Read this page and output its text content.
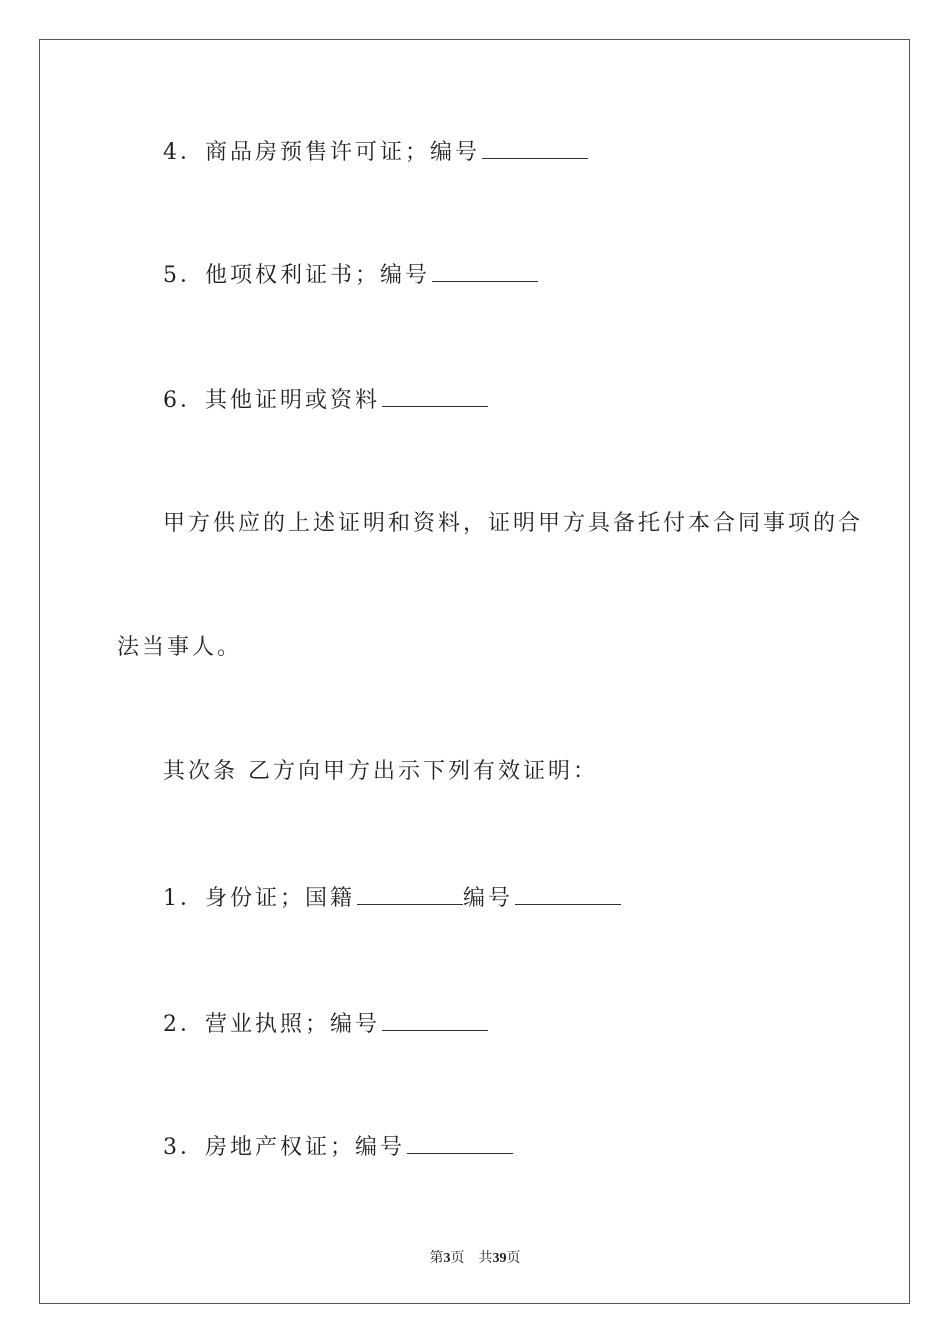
4．商品房预售许可证；编号
5．他项权利证书；编号
6．其他证明或资料
甲方供应的上述证明和资料，证明甲方具备托付本合同事项的合
法当事人。
其次条 乙方向甲方出示下列有效证明：
1．身份证；国籍	编号
2．营业执照；编号
3．房地产权证；编号
第3页 共39页
